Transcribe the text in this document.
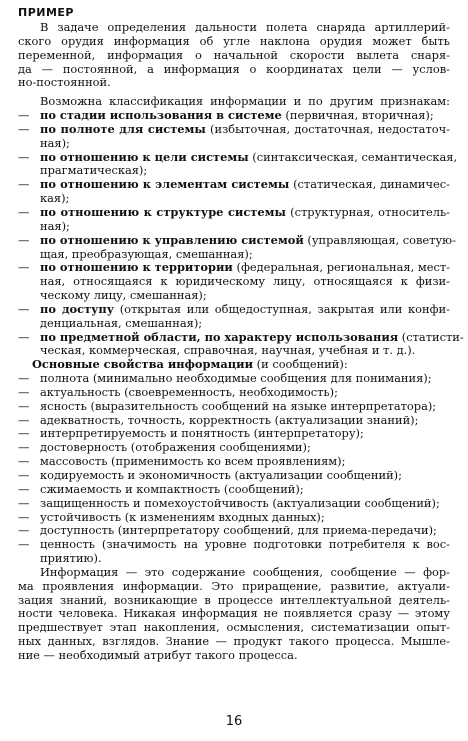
ПРИМЕР
В задаче определения дальности полета снаряда артиллерий-
ского орудия информация об угле наклона орудия может быть
переменной, информация о начальной скорости вылета снаря-
да — постоянной, а информация о координатах цели — услов-
но-постоянной.
Возможна классификация информации и по другим признакам:
— по стадии использования в системе (первичная, вторичная);
— по полноте для системы (избыточная, достаточная, недостаточ-
ная);
— по отношению к цели системы (синтаксическая, семантическая,
прагматическая);
— по отношению к элементам системы (статическая, динамичес-
кая);
— по отношению к структуре системы (структурная, относитель-
ная);
— по отношению к управлению системой (управляющая, советую-
щая, преобразующая, смешанная);
— по отношению к территории (федеральная, региональная, мест-
ная, относящаяся к юридическому лицу, относящаяся к физи-
ческому лицу, смешанная);
— по доступу (открытая или общедоступная, закрытая или конфи-
денциальная, смешанная);
— по предметной области, по характеру использования (статисти-
ческая, коммерческая, справочная, научная, учебная и т. д.).
Основные свойства информации (и сообщений):
— полнота (минимально необходимые сообщения для понимания);
— актуальность (своевременность, необходимость);
— ясность (выразительность сообщений на языке интерпретатора);
— адекватность, точность, корректность (актуализации знаний);
— интерпретируемость и понятность (интерпретатору);
— достоверность (отображения сообщениями);
— массовость (применимость ко всем проявлениям);
— кодируемость и экономичность (актуализации сообщений);
— сжимаемость и компактность (сообщений);
— защищенность и помехоустойчивость (актуализации сообщений);
— устойчивость (к изменениям входных данных);
— доступность (интерпретатору сообщений, для приема-передачи);
— ценность (значимость на уровне подготовки потребителя к вос-
приятию).
Информация — это содержание сообщения, сообщение — фор-
ма проявления информации. Это приращение, развитие, актуали-
зация знаний, возникающие в процессе интеллектуальной деятель-
ности человека. Никакая информация не появляется сразу — этому
предшествует этап накопления, осмысления, систематизации опыт-
ных данных, взглядов. Знание — продукт такого процесса. Мышле-
ние — необходимый атрибут такого процесса.
16
